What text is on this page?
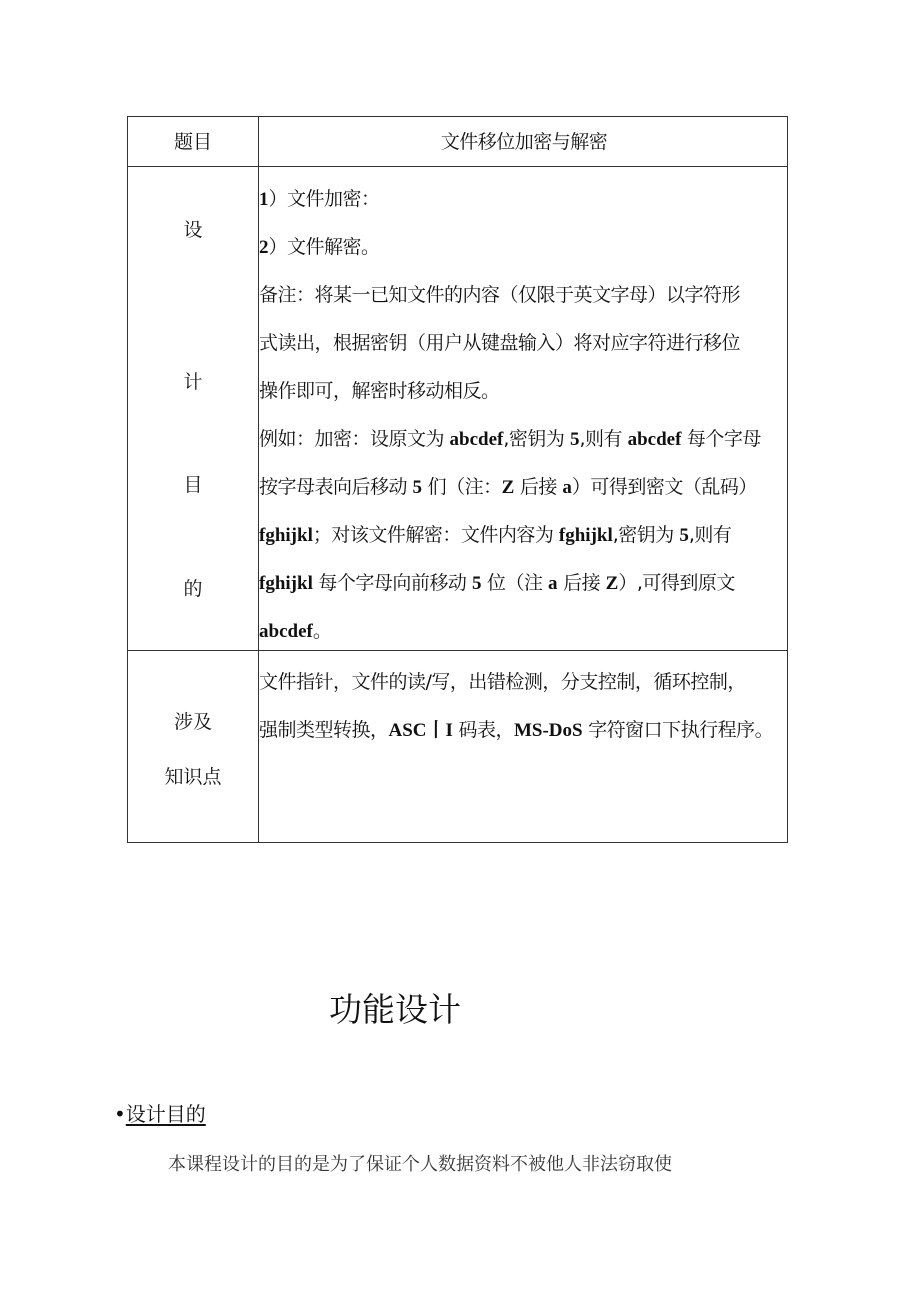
题目	文件移位加密与解密
设
计
目
的
1）文件加密：
2）文件解密。
备注：将某一已知文件的内容（仅限于英文字母）以字符形
式读出，根据密钥（用户从键盘输入）将对应字符进行移位
操作即可，解密时移动相反。
例如：加密：设原文为 abcdef,密钥为 5,则有 abcdef 每个字母
按字母表向后移动 5 们（注：Z 后接 a）可得到密文（乱码）
fghijkl；对该文件解密：文件内容为 fghijkl,密钥为 5,则有
fghijkl 每个字母向前移动 5 位（注 a 后接 Z）,可得到原文
abcdef。
涉及
知识点
文件指针，文件的读/写，出错检测，分支控制，循环控制，
强制类型转换，ASC丨I 码表，MS-DoS 字符窗口下执行程序。
功能设计
•设计目的
本课程设计的目的是为了保证个人数据资料不被他人非法窃取使
